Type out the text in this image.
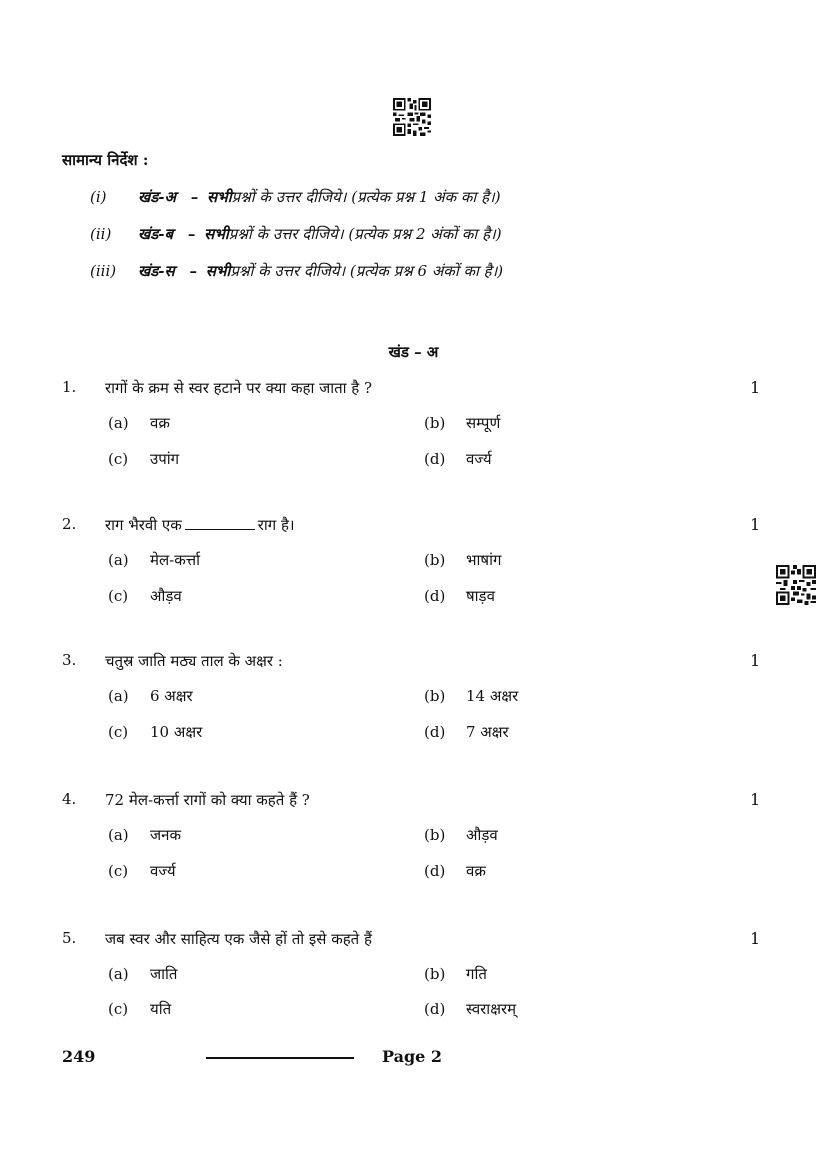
सामान्य निर्देश :
(i) खंड-अ – सभीप्रश्नों के उत्तर दीजिये। (प्रत्येक प्रश्न 1 अंक का है।)
(ii) खंड-ब – सभीप्रश्नों के उत्तर दीजिये। (प्रत्येक प्रश्न 2 अंकों का है।)
(iii) खंड-स – सभीप्रश्नों के उत्तर दीजिये। (प्रत्येक प्रश्न 6 अंकों का है।)
खंड – अ
1. रागों के क्रम से स्वर हटाने पर क्या कहा जाता है ?	1
(a) वक्र	(b) सम्पूर्ण
(c) उपांग	(d) वर्ज्य
2. राग भैरवी एक	राग है।	1
(a) मेल-कर्त्ता	(b) भाषांग
(c) औड़व	(d) षाड़व
3. चतुस्र जाति मठ्य ताल के अक्षर :	1
(a) 6 अक्षर	(b) 14 अक्षर
(c) 10 अक्षर	(d) 7 अक्षर
4. 72 मेल-कर्त्ता रागों को क्या कहते हैं ?	1
(a) जनक	(b) औड़व
(c) वर्ज्य	(d) वक्र
5. जब स्वर और साहित्य एक जैसे हों तो इसे कहते हैं	1
(a) जाति	(b) गति
(c) यति	(d) स्वराक्षरम्
249	Page 2
